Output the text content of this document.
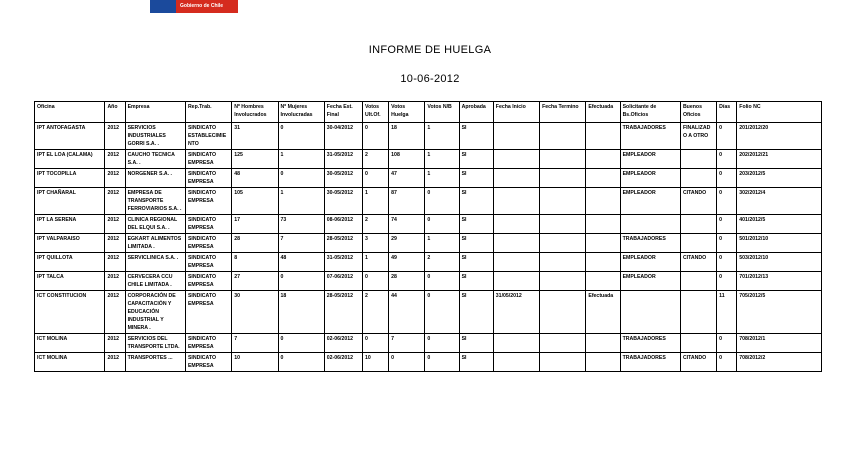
Gobierno de Chile
INFORME DE HUELGA
10-06-2012
Oficina	Año	Empresa	Rep.Trab.	Nº Hombres Involucrados	Nº Mujeres Involucradas	Fecha Est. Final	Votos Ult.Of.	Votos Huelga	Votos N/B	Aprobada	Fecha Inicio	Fecha Termino	Efectuada	Solicitante de Bs.Oficios	Buenos Oficios	Días	Folio NC
IPT ANTOFAGASTA	2012	SERVICIOS INDUSTRIALES GORRI S.A. .	SINDICATO ESTABLECIMIENTO	31	0	30-04/2012	0	18	1	SI				TRABAJADORES	FINALIZADO A OTRO	0	201/2012/20
IPT EL LOA (CALAMA)	2012	CAUCHO TECNICA S.A. .	SINDICATO EMPRESA	125	1	31-05/2012	2	108	1	SI				EMPLEADOR		0	202/2012/21
IPT TOCOPILLA	2012	NORGENER S.A. .	SINDICATO EMPRESA	48	0	30-05/2012	0	47	1	SI				EMPLEADOR		0	203/2012/5
IPT CHAÑARAL	2012	EMPRESA DE TRANSPORTE FERROVIARIOS S.A. .	SINDICATO EMPRESA	105	1	30-05/2012	1	87	0	SI				EMPLEADOR	CITANDO	0	302/2012/4
IPT LA SERENA	2012	CLINICA REGIONAL DEL ELQUI S.A. .	SINDICATO EMPRESA	17	73	08-06/2012	2	74	0	SI						0	401/2012/5
IPT VALPARAISO	2012	EGKART ALIMENTOS LIMITADA .	SINDICATO EMPRESA	28	7	28-05/2012	3	29	1	SI				TRABAJADORES		0	501/2012/10
IPT QUILLOTA	2012	SERVICLINICA S.A. .	SINDICATO EMPRESA	8	48	31-05/2012	1	49	2	SI				EMPLEADOR	CITANDO	0	503/2012/10
IPT TALCA	2012	CERVECERA CCU CHILE LIMITADA .	SINDICATO EMPRESA	27	0	07-06/2012	0	28	0	SI				EMPLEADOR		0	701/2012/13
ICT CONSTITUCION	2012	CORPORACIÓN DE CAPACITACIÓN Y EDUCACIÓN INDUSTRIAL Y MINERA .	SINDICATO EMPRESA	30	18	28-05/2012	2	44	0	SI	31/05/2012		Efectuada			11	705/2012/5
ICT MOLINA	2012	SERVICIOS DEL TRANSPORTE LTDA.	SINDICATO EMPRESA	7	0	02-06/2012	0	7	0	SI				TRABAJADORES		0	708/2012/1
ICT MOLINA	2012	TRANSPORTES ...	SINDICATO EMPRESA	10	0	02-06/2012	10	0	0	SI				TRABAJADORES	CITANDO	0	708/2012/2
